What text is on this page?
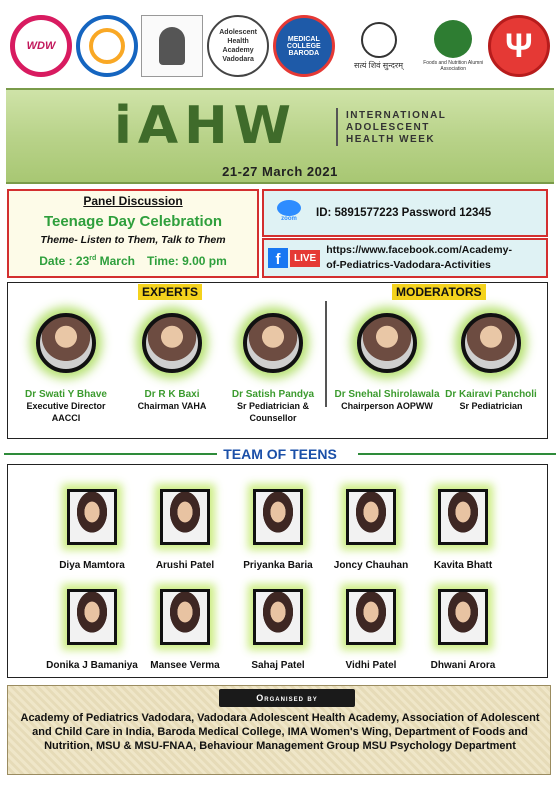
WDW
Adolescent Health Academy Vadodara
MEDICAL COLLEGE BARODA
सत्यं शिवं सुन्दरम्	Foods and Nutrition Alumni Association
Ψ
iAHW	INTERNATIONAL ADOLESCENT HEALTH WEEK
21-27 March 2021
Panel Discussion
Teenage Day Celebration
Theme- Listen to Them, Talk to Them
Date : 23rd March Time: 9.00 pm
zoom ID: 5891577223 Password 12345
f	LIVE
https://www.facebook.com/Academy-
of-Pediatrics-Vadodara-Activities
EXPERTS	MODERATORS
Dr Swati Y Bhave
Executive Director
AACCI
Dr R K Baxi
Chairman VAHA
Dr Satish Pandya
Sr Pediatrician &
Counsellor
Dr Snehal Shirolawala
Chairperson AOPWW
Dr Kairavi Pancholi
Sr Pediatrician
TEAM OF TEENS
Diya Mamtora	Arushi Patel	Priyanka Baria	Joncy Chauhan	Kavita Bhatt
Donika J Bamaniya	Mansee Verma	Sahaj Patel	Vidhi Patel	Dhwani Arora
Organised by
Academy of Pediatrics Vadodara, Vadodara Adolescent Health Academy, Association of Adolescent and Child Care in India, Baroda Medical College, IMA Women's Wing, Department of Foods and Nutrition, MSU & MSU-FNAA, Behaviour Management Group MSU Psychology Department
